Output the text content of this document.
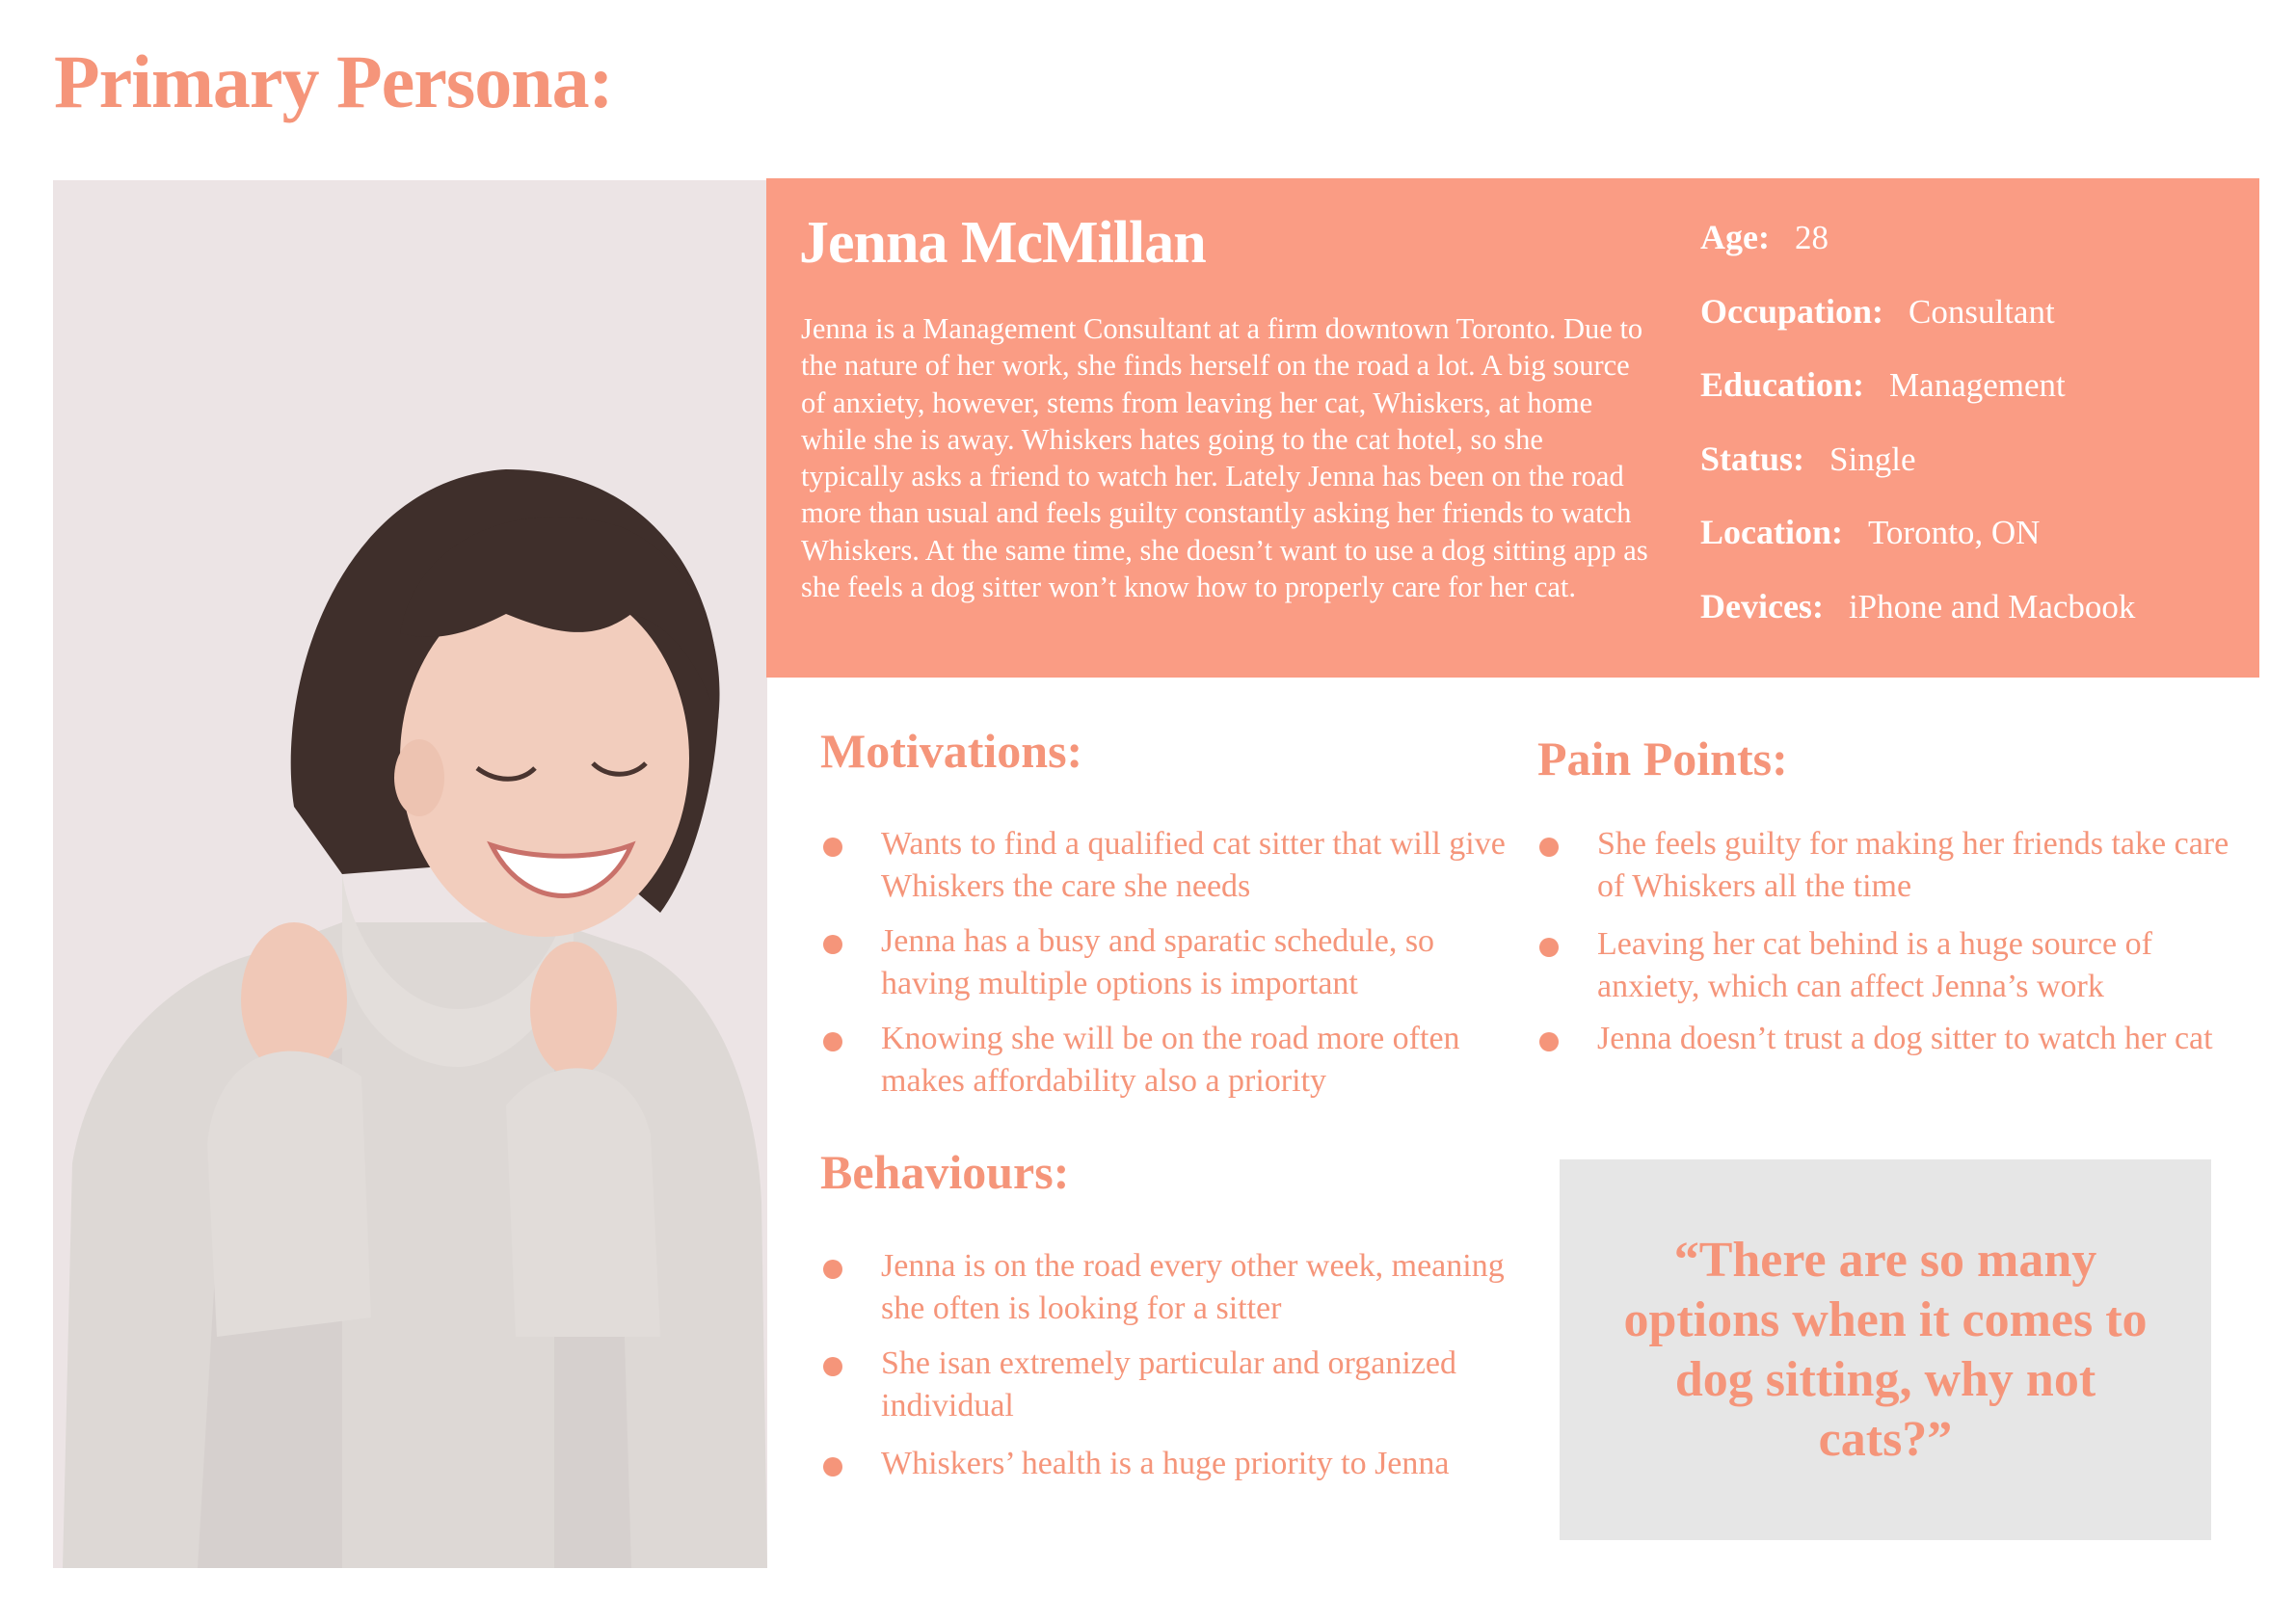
Primary Persona:
Jenna McMillan

Jenna is a Management Consultant at a firm downtown Toronto. Due to the nature of her work, she finds herself on the road a lot. A big source of anxiety, however, stems from leaving her cat, Whiskers, at home while she is away. Whiskers hates going to the cat hotel, so she typically asks a friend to watch her. Lately Jenna has been on the road more than usual and feels guilty constantly asking her friends to watch Whiskers. At the same time, she doesn’t want to use a dog sitting app as she feels a dog sitter won’t know how to properly care for her cat.

Age: 28
Occupation: Consultant
Education: Management
Status: Single
Location: Toronto, ON
Devices: iPhone and Macbook
Motivations:
Wants to find a qualified cat sitter that will give Whiskers the care she needs
Jenna has a busy and sparatic schedule, so having multiple options is important
Knowing she will be on the road more often makes affordability also a priority
Pain Points:
She feels guilty for making her friends take care of Whiskers all the time
Leaving her cat behind is a huge source of anxiety, which can affect Jenna’s work
Jenna doesn’t trust a dog sitter to watch her cat
Behaviours:
Jenna is on the road every other week, meaning she often is looking for a sitter
She isan extremely particular and organized individual
Whiskers’ health is a huge priority to Jenna

“There are so many options when it comes to dog sitting, why not cats?”
